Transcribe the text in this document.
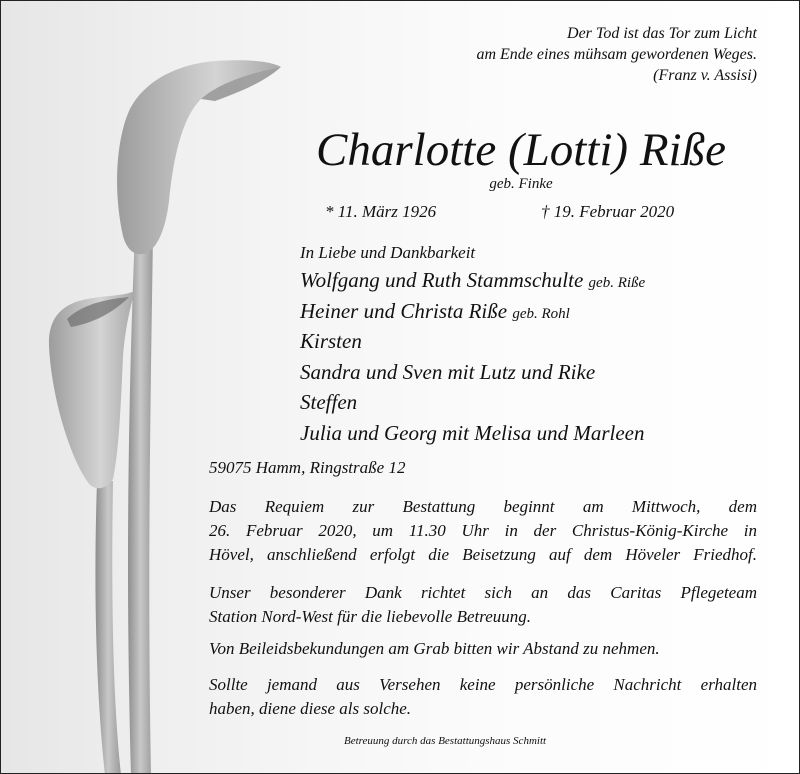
Der Tod ist das Tor zum Licht
am Ende eines mühsam gewordenen Weges.
(Franz v. Assisi)
Charlotte (Lotti) Riße
geb. Finke
* 11. März 1926	† 19. Februar 2020
In Liebe und Dankbarkeit
Wolfgang und Ruth Stammschulte geb. Riße
Heiner und Christa Riße geb. Rohl
Kirsten
Sandra und Sven mit Lutz und Rike
Steffen
Julia und Georg mit Melisa und Marleen
59075 Hamm, Ringstraße 12
Das Requiem zur Bestattung beginnt am Mittwoch, dem
26. Februar 2020, um 11.30 Uhr in der Christus-König-Kirche in
Hövel, anschließend erfolgt die Beisetzung auf dem Höveler Friedhof.
Unser besonderer Dank richtet sich an das Caritas Pflegeteam
Station Nord-West für die liebevolle Betreuung.
Von Beileidsbekundungen am Grab bitten wir Abstand zu nehmen.
Sollte jemand aus Versehen keine persönliche Nachricht erhalten
haben, diene diese als solche.
Betreuung durch das Bestattungshaus Schmitt
